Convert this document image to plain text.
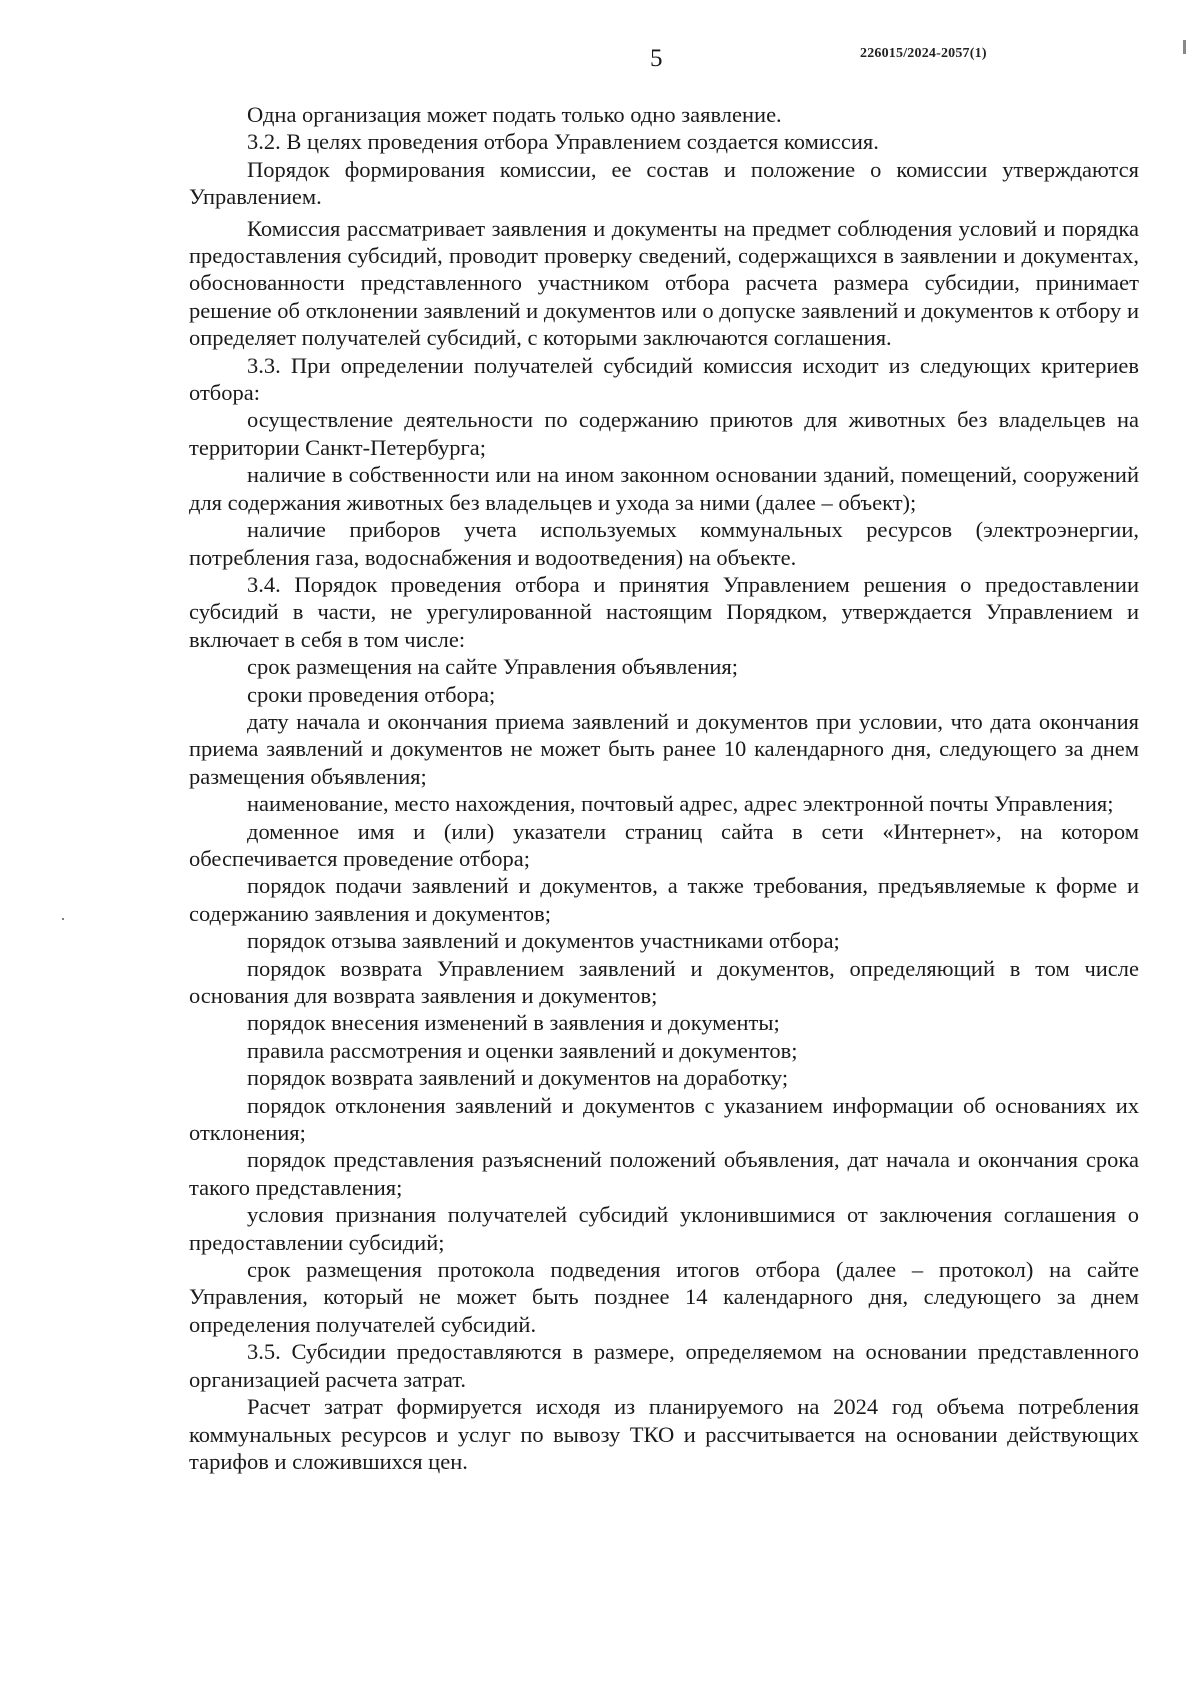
5	226015/2024-2057(1)

Одна организация может подать только одно заявление.

3.2. В целях проведения отбора Управлением создается комиссия.

Порядок формирования комиссии, ее состав и положение о комиссии утверждаются Управлением.

Комиссия рассматривает заявления и документы на предмет соблюдения условий и порядка предоставления субсидий, проводит проверку сведений, содержащихся в заявлении и документах, обоснованности представленного участником отбора расчета размера субсидии, принимает решение об отклонении заявлений и документов или о допуске заявлений и документов к отбору и определяет получателей субсидий, с которыми заключаются соглашения.

3.3. При определении получателей субсидий комиссия исходит из следующих критериев отбора:

осуществление деятельности по содержанию приютов для животных без владельцев на территории Санкт-Петербурга;

наличие в собственности или на ином законном основании зданий, помещений, сооружений для содержания животных без владельцев и ухода за ними (далее – объект);

наличие приборов учета используемых коммунальных ресурсов (электроэнергии, потребления газа, водоснабжения и водоотведения) на объекте.

3.4. Порядок проведения отбора и принятия Управлением решения о предоставлении субсидий в части, не урегулированной настоящим Порядком, утверждается Управлением и включает в себя в том числе:

срок размещения на сайте Управления объявления;

сроки проведения отбора;

дату начала и окончания приема заявлений и документов при условии, что дата окончания приема заявлений и документов не может быть ранее 10 календарного дня, следующего за днем размещения объявления;

наименование, место нахождения, почтовый адрес, адрес электронной почты Управления;

доменное имя и (или) указатели страниц сайта в сети «Интернет», на котором обеспечивается проведение отбора;

порядок подачи заявлений и документов, а также требования, предъявляемые к форме и содержанию заявления и документов;

порядок отзыва заявлений и документов участниками отбора;

порядок возврата Управлением заявлений и документов, определяющий в том числе основания для возврата заявления и документов;

порядок внесения изменений в заявления и документы;

правила рассмотрения и оценки заявлений и документов;

порядок возврата заявлений и документов на доработку;

порядок отклонения заявлений и документов с указанием информации об основаниях их отклонения;

порядок представления разъяснений положений объявления, дат начала и окончания срока такого представления;

условия признания получателей субсидий уклонившимися от заключения соглашения о предоставлении субсидий;

срок размещения протокола подведения итогов отбора (далее – протокол) на сайте Управления, который не может быть позднее 14 календарного дня, следующего за днем определения получателей субсидий.

3.5. Субсидии предоставляются в размере, определяемом на основании представленного организацией расчета затрат.

Расчет затрат формируется исходя из планируемого на 2024 год объема потребления коммунальных ресурсов и услуг по вывозу ТКО и рассчитывается на основании действующих тарифов и сложившихся цен.
